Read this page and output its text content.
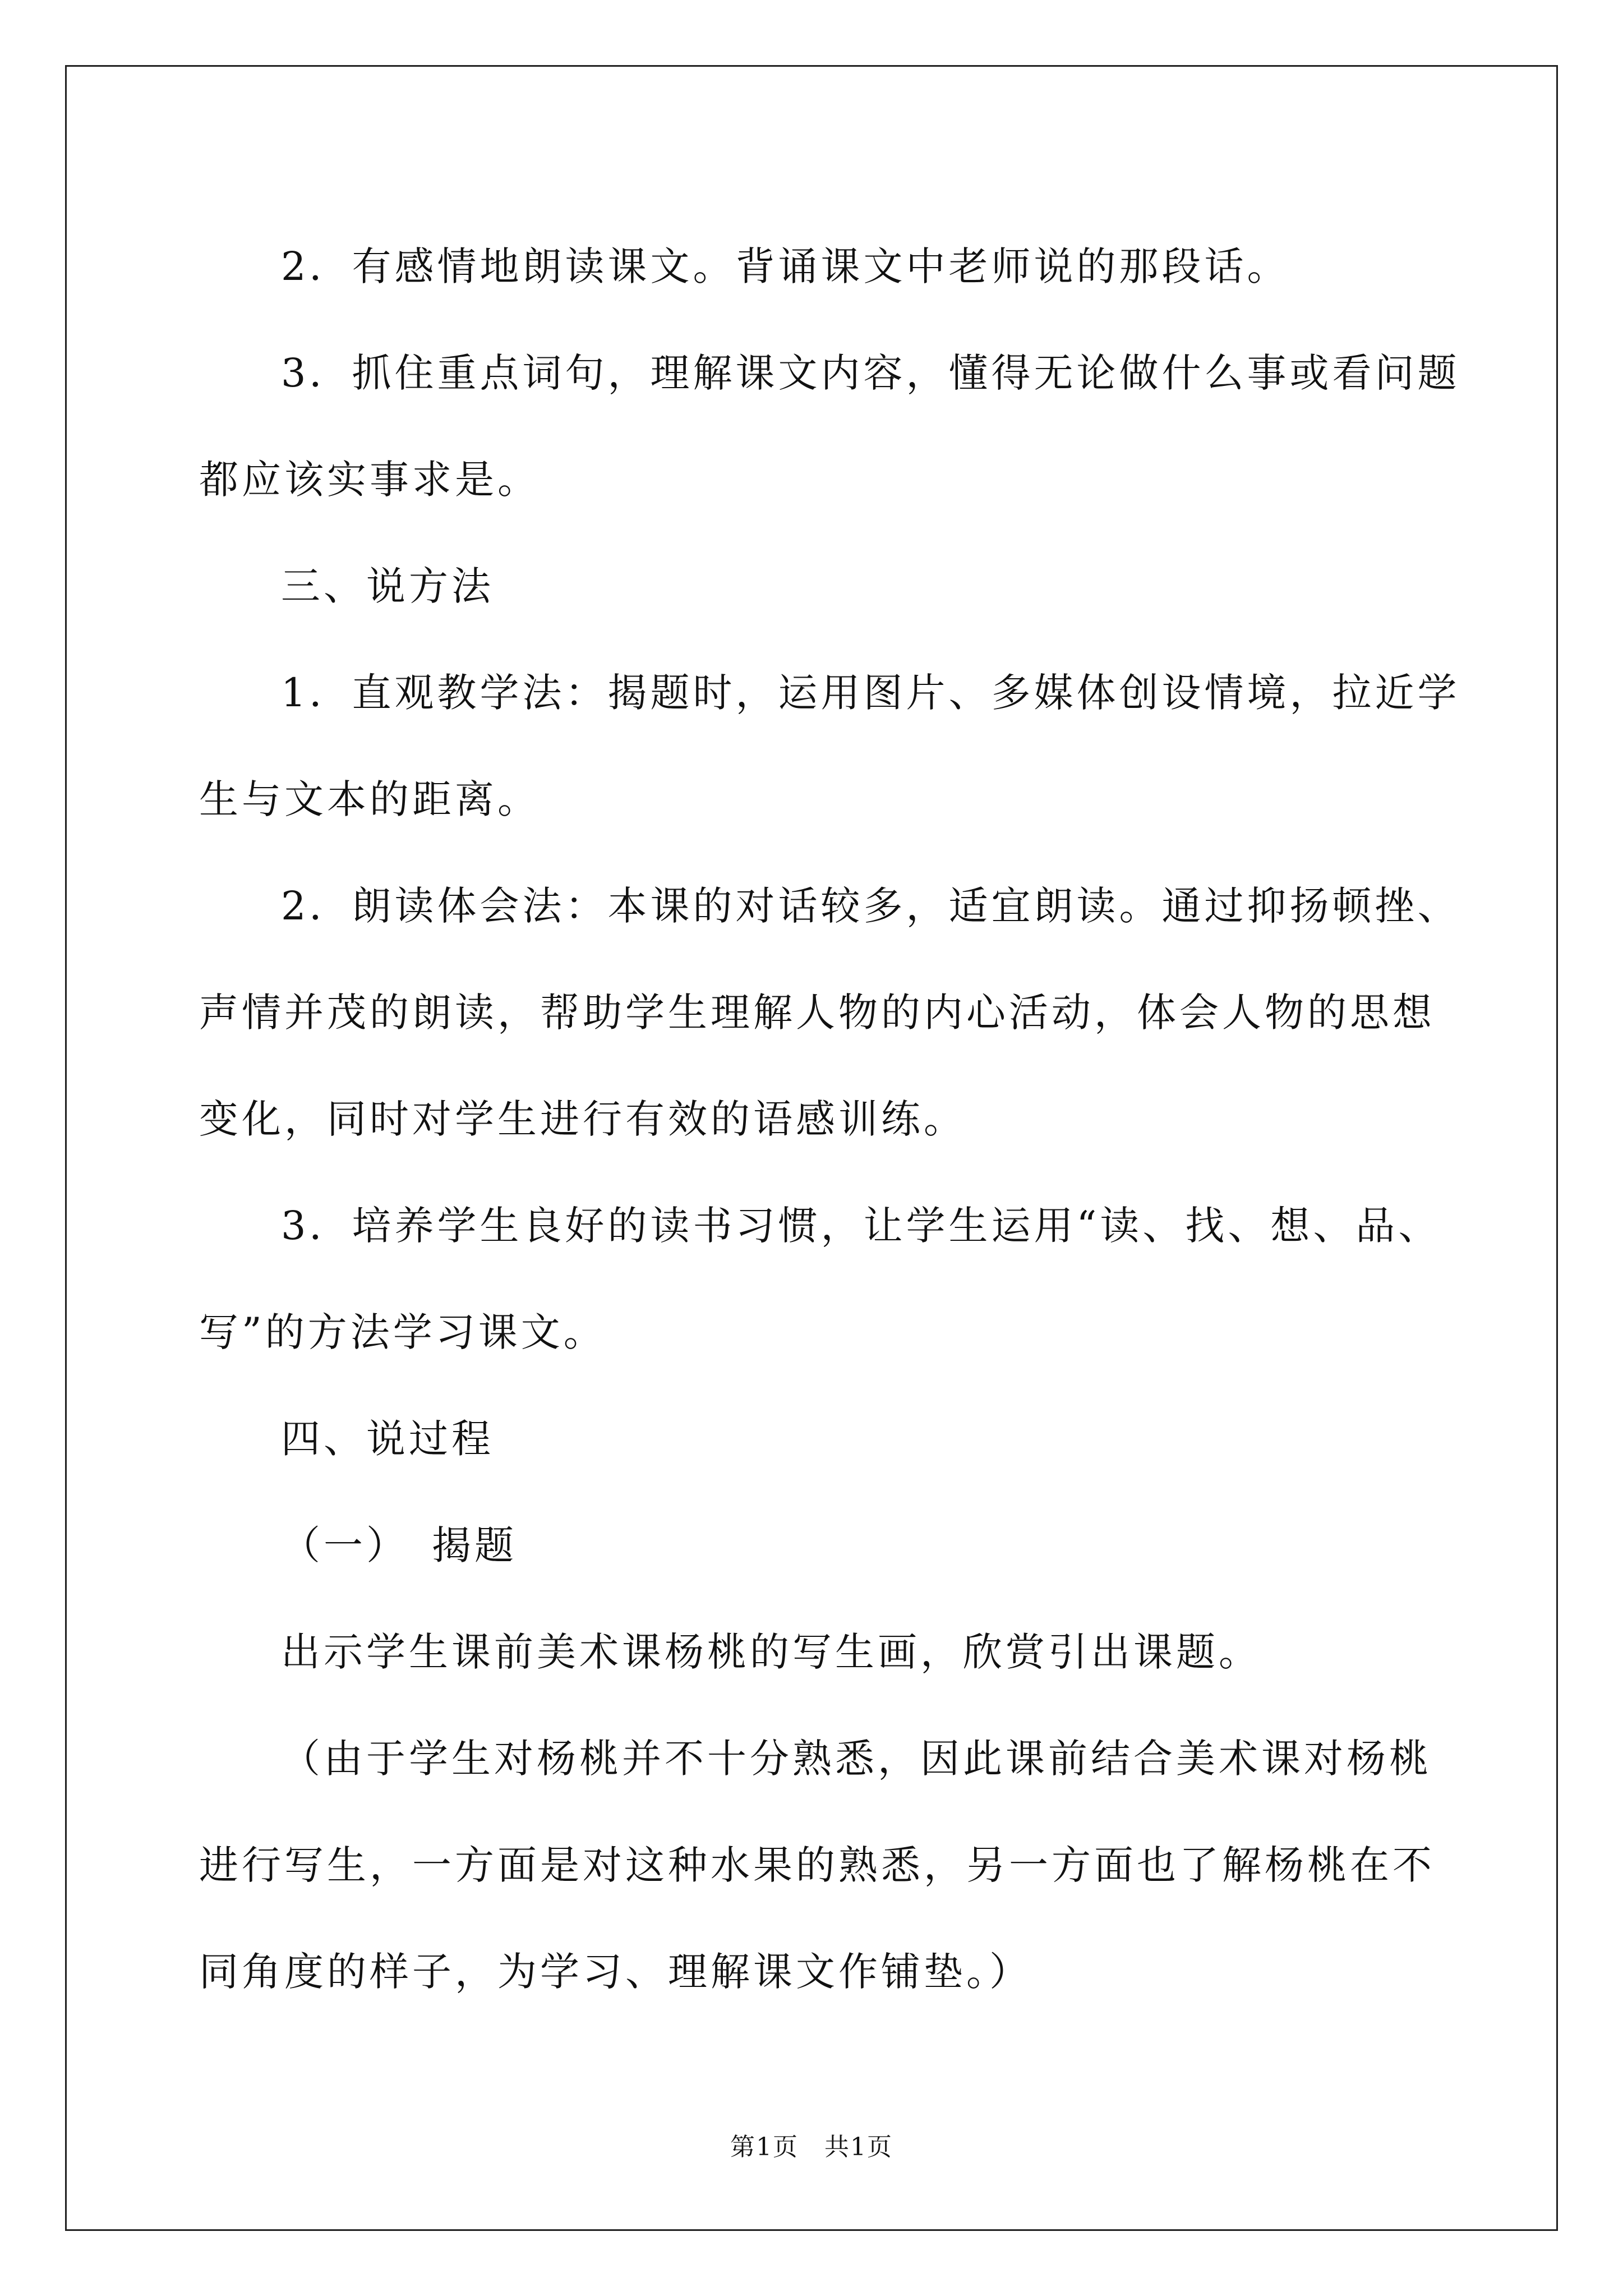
2．有感情地朗读课文。背诵课文中老师说的那段话。

3．抓住重点词句，理解课文内容，懂得无论做什么事或看问题都应该实事求是。

三、说方法

1．直观教学法：揭题时，运用图片、多媒体创设情境，拉近学生与文本的距离。

2．朗读体会法：本课的对话较多，适宜朗读。通过抑扬顿挫、声情并茂的朗读，帮助学生理解人物的内心活动，体会人物的思想变化，同时对学生进行有效的语感训练。

3．培养学生良好的读书习惯，让学生运用“读、找、想、品、写”的方法学习课文。

四、说过程

（一）　揭题

出示学生课前美术课杨桃的写生画，欣赏引出课题。

（由于学生对杨桃并不十分熟悉，因此课前结合美术课对杨桃进行写生，一方面是对这种水果的熟悉，另一方面也了解杨桃在不同角度的样子，为学习、理解课文作铺垫。）

第1页　共1页
